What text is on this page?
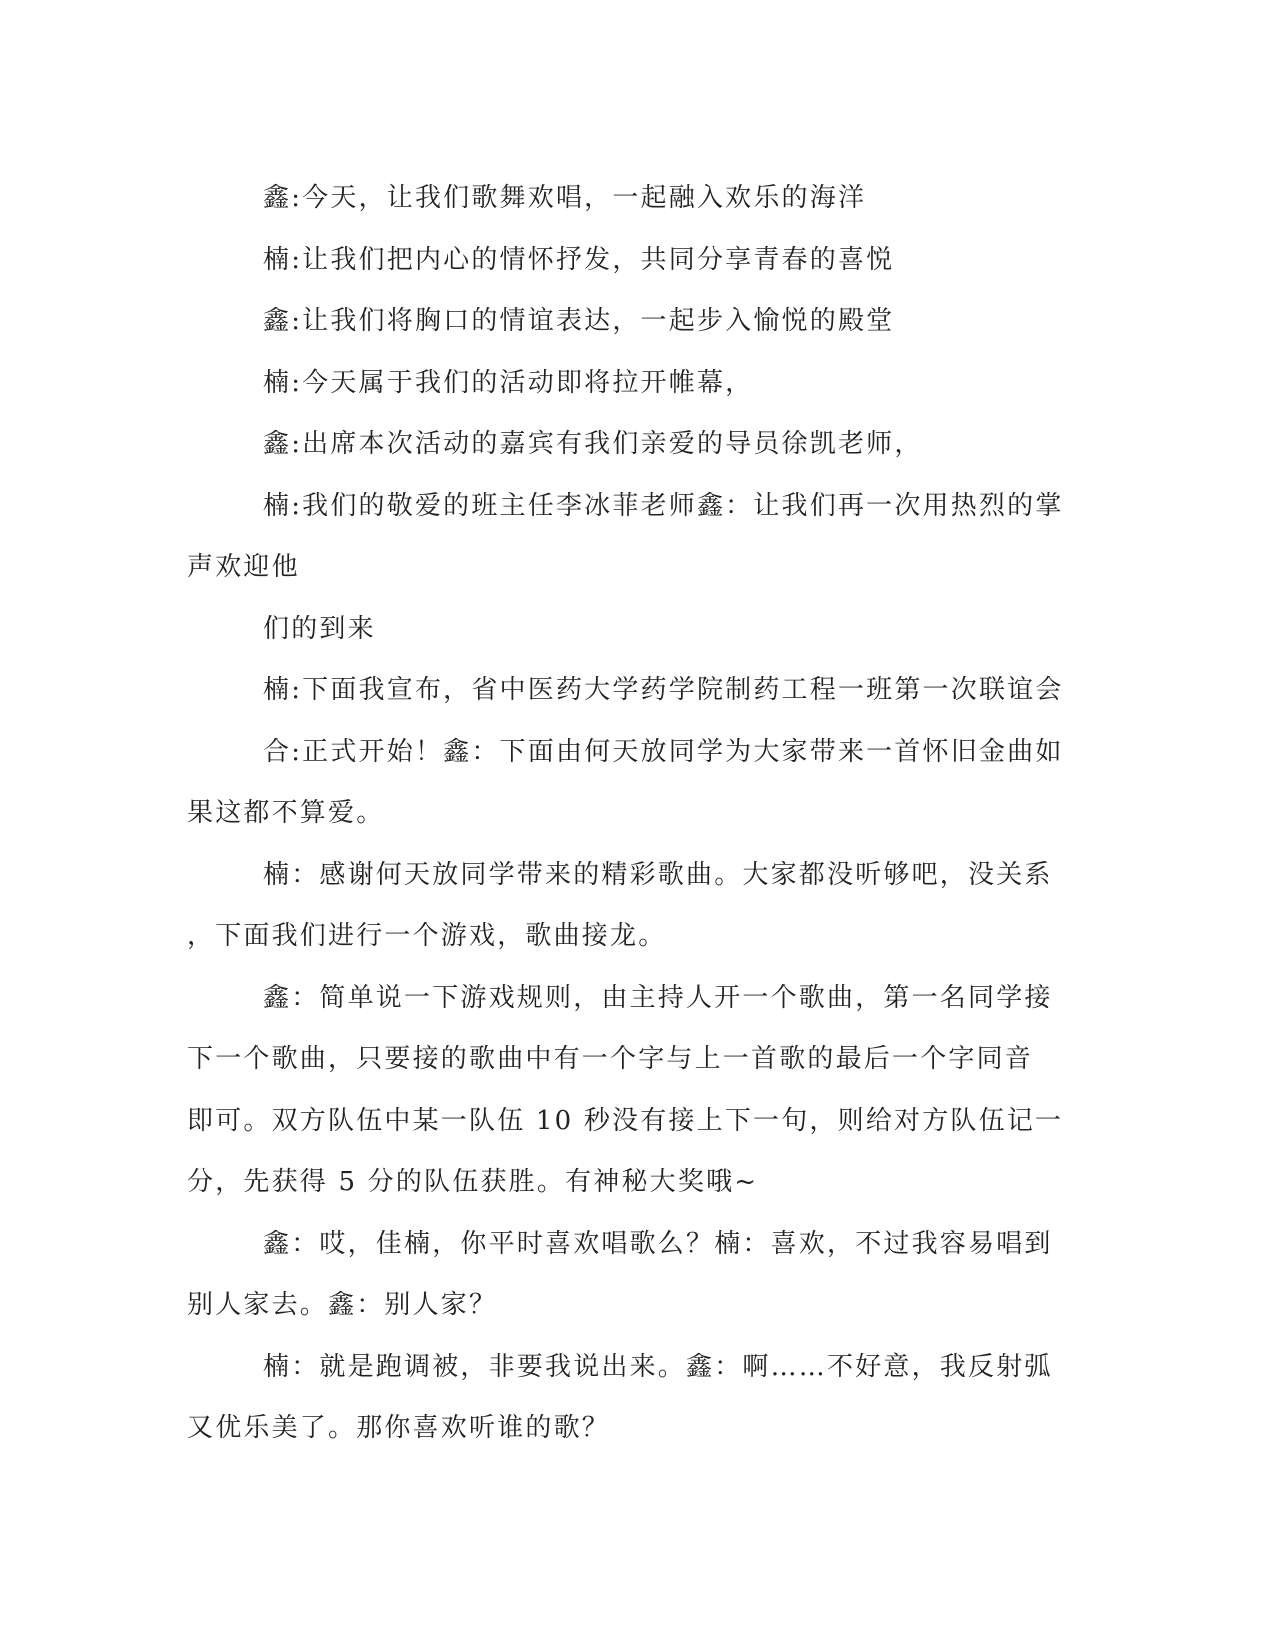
鑫:今天，让我们歌舞欢唱，一起融入欢乐的海洋

楠:让我们把内心的情怀抒发，共同分享青春的喜悦

鑫:让我们将胸口的情谊表达，一起步入愉悦的殿堂

楠:今天属于我们的活动即将拉开帷幕，

鑫:出席本次活动的嘉宾有我们亲爱的导员徐凯老师，

楠:我们的敬爱的班主任李冰菲老师鑫：让我们再一次用热烈的掌
声欢迎他

们的到来

楠:下面我宣布，省中医药大学药学院制药工程一班第一次联谊会

合:正式开始！鑫：下面由何天放同学为大家带来一首怀旧金曲如
果这都不算爱。

楠：感谢何天放同学带来的精彩歌曲。大家都没听够吧，没关系
，下面我们进行一个游戏，歌曲接龙。

鑫：简单说一下游戏规则，由主持人开一个歌曲，第一名同学接
下一个歌曲，只要接的歌曲中有一个字与上一首歌的最后一个字同音
即可。双方队伍中某一队伍 10 秒没有接上下一句，则给对方队伍记一
分，先获得 5 分的队伍获胜。有神秘大奖哦~

鑫：哎，佳楠，你平时喜欢唱歌么？楠：喜欢，不过我容易唱到
别人家去。鑫：别人家？

楠：就是跑调被，非要我说出来。鑫：啊……不好意，我反射弧
又优乐美了。那你喜欢听谁的歌？
